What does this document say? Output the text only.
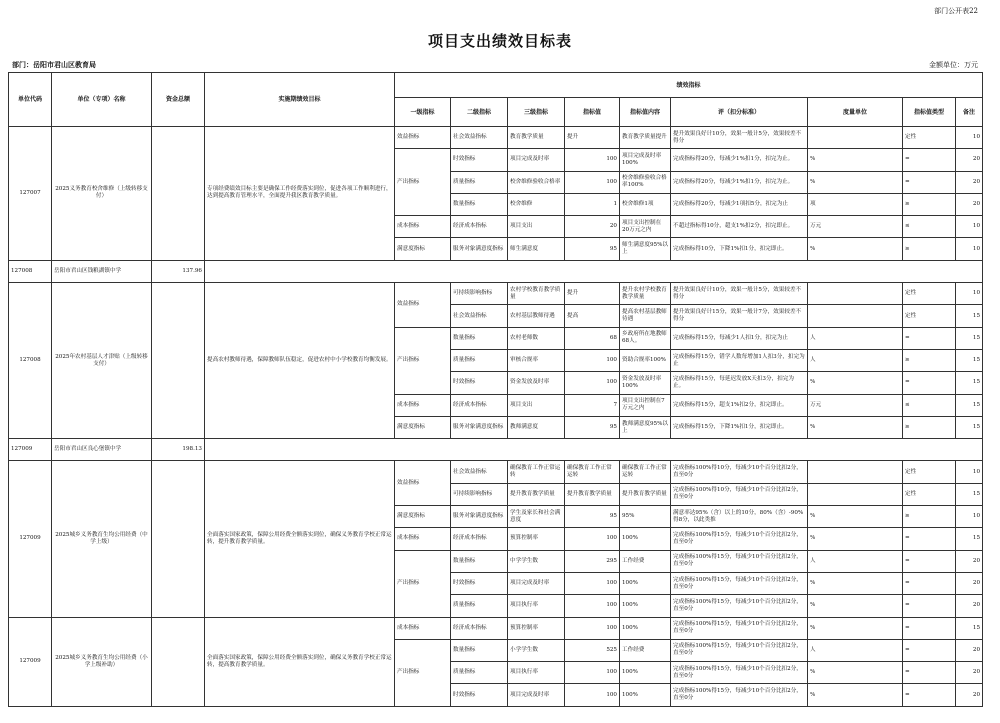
部门公开表22
项目支出绩效目标表
部门：岳阳市君山区教育局	金额单位：万元
单位代码	单位（专项）名称	资金总额	实施期绩效目标	绩效指标								
				一级指标	二级指标	三级指标	指标值	指标值内容	评（扣分标准）	度量单位	指标值类型	备注
127007	2025义务教育校舍维修（上级转移支付）		专项经费绩效目标主要是确保工作经费落实到位，促进各项工作顺利进行，达到提高教育管理水平，全面提升我区教育教学质量。	效益指标	社会效益指标	教育教学质量	提升	教育教学质量提升	提升效果良好计10分，效果一般计5分，效果较差不得分		定性	10
				产出指标	时效指标	项目完成及时率	100	项目完成及时率100%	完成指标得20分，每减少1%扣1分，扣完为止。	%	=	20
					质量指标	校舍维修验收合格率	100	校舍维修验收合格率100%	完成指标得20分，每减少1%扣1分，扣完为止。	%	=	20
					数量指标	校舍维修	1	校舍维修1项	完成指标得20分，每减少1项扣5分，扣完为止	项	≥	20
				成本指标	经济成本指标	项目支出	20	项目支出控制在20万元之内	不超过指标得10分，超支1%扣2分，扣完即止。	万元	≤	10
				满意度指标	服务对象满意度指标	师生满意度	95	师生满意度95%以上	完成指标得10分，下降1%扣1分，扣完即止。	%	≥	10
127008	岳阳市君山区钱粮湖镇中学	137.96										
127008	2025年农村基层人才津贴（上级转移支付）		提高农村教师待遇，保障教师队伍稳定，促进农村中小学校教育均衡发展。	效益指标	可持续影响指标	农村学校教育教学质量	提升	提升农村学校教育教学质量	提升效果良好计10分，效果一般计5分，效果较差不得分		定性	10
					社会效益指标	农村基层教师待遇	提高	提高农村基层教师待遇	提升效果良好计15分，效果一般计7分，效果较差不得分		定性	15
				产出指标	数量指标	农村老师数	68	乡政府所在地教师68人。	完成指标得15分，每减少1人扣1分，扣完为止	人	=	15
					质量指标	审核合规率	100	资助合规率100%	完成指标得15分，错学人数每增加1人扣3分，扣完为止	人	≥	15
					时效指标	资金发放及时率	100	资金发放及时率100%	完成指标得15分，每延迟发放X天扣3分，扣完为止。	%	=	15
				成本指标	经济成本指标	项目支出	7	项目支出控制在7万元之内	完成指标得15分，超支1%扣2分，扣完即止。	万元	≤	15
				满意度指标	服务对象满意度指标	教师满意度	95	教师满意度95%以上	完成指标得15分，下降1%扣1分，扣完即止。	%	≥	15
127009	岳阳市君山区良心堡镇中学	198.13										
127009	2025城乡义务教育生均公用经费（中学上级）		全面落实国家政策，保障公用经费全额落实到位，确保义务教育学校正常运转，提升教育教学质量。	效益指标	社会效益指标	确保教育工作正常运转	确保教育工作正常运转	确保教育工作正常运转	完成指标100%得10分，每减少10个百分比扣2分，直至0分		定性	10
					可持续影响指标	提升教育教学质量	提升教育教学质量	提升教育教学质量	完成指标100%得10分，每减少10个百分比扣2分，直至0分		定性	15
				满意度指标	服务对象满意度指标	学生及家长和社会满意度	95	95%	满意率达95%（含）以上的10分，80%（含）-90%得8分，以此类推	%	≥	10
				成本指标	经济成本指标	预算控制率	100	100%	完成指标100%得15分，每减少10个百分比扣2分，直至0分	%	=	15
				产出指标	数量指标	中学学生数	295	工作经费	完成指标100%得15分，每减少10个百分比扣2分，直至0分	人	=	20
					时效指标	项目完成及时率	100	100%	完成指标100%得15分，每减少10个百分比扣2分，直至0分	%	=	20
					质量指标	项目执行率	100	100%	完成指标100%得15分，每减少10个百分比扣2分，直至0分	%	=	20
127009	2025城乡义务教育生均公用经费（小学上级补助）		全面落实国家政策，保障公用经费全额落实到位，确保义务教育学校正常运转，提高教育教学质量。	成本指标	经济成本指标	预算控制率	100	100%	完成指标100%得15分，每减少10个百分比扣2分，直至0分	%	=	15
				产出指标	数量指标	小学学生数	525	工作经费	完成指标100%得15分，每减少10个百分比扣2分，直至0分	人	=	20
					质量指标	项目执行率	100	100%	完成指标100%得15分，每减少10个百分比扣2分，直至0分	%	=	20
					时效指标	项目完成及时率	100	100%	完成指标100%得15分，每减少10个百分比扣2分，直至0分	%	=	20
